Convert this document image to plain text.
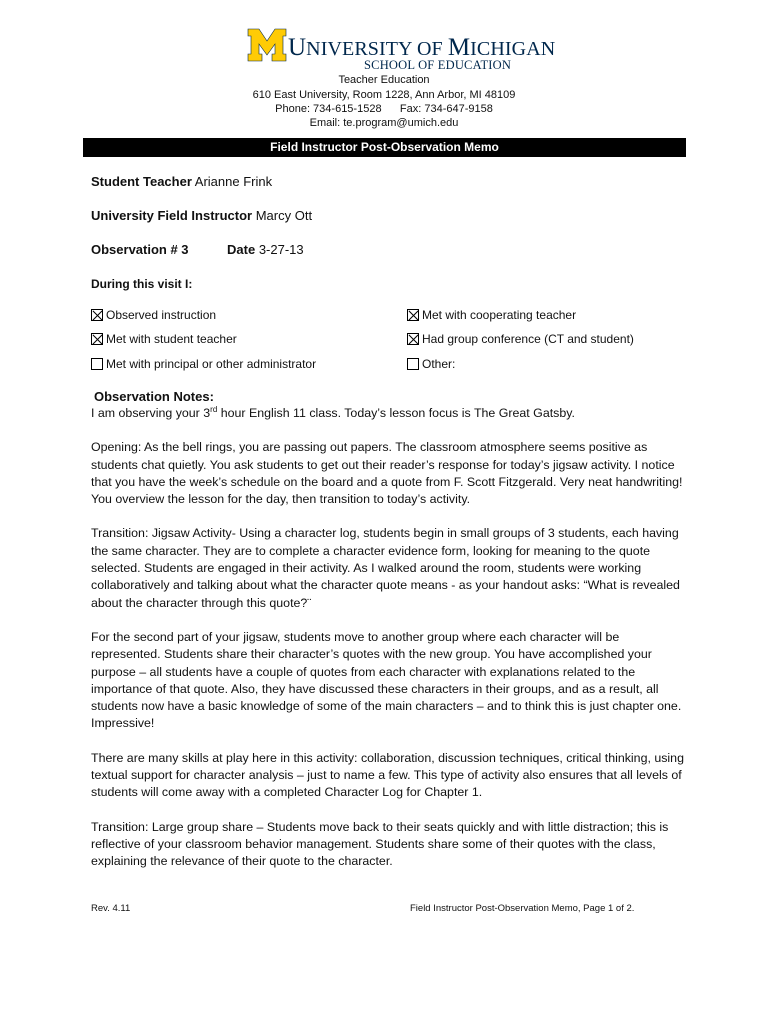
UNIVERSITY OF MICHIGAN
SCHOOL OF EDUCATION
Teacher Education
610 East University, Room 1228, Ann Arbor, MI 48109
Phone: 734-615-1528      Fax: 734-647-9158
Email: te.program@umich.edu
Field Instructor Post-Observation Memo
Student Teacher Arianne Frink
University Field Instructor Marcy Ott
Observation # 3	Date 3-27-13
During this visit I:
Observed instruction	Met with cooperating teacher
Met with student teacher	Had group conference (CT and student)
Met with principal or other administrator	Other:
Observation Notes:

I am observing your 3rd hour English 11 class. Today’s lesson focus is The Great Gatsby.

Opening: As the bell rings, you are passing out papers. The classroom atmosphere seems positive as students chat quietly. You ask students to get out their reader’s response for today’s jigsaw activity. I notice that you have the week’s schedule on the board and a quote from F. Scott Fitzgerald. Very neat handwriting! You overview the lesson for the day, then transition to today’s activity.

Transition: Jigsaw Activity- Using a character log, students begin in small groups of 3 students, each having the same character. They are to complete a character evidence form, looking for meaning to the quote selected. Students are engaged in their activity. As I walked around the room, students were working collaboratively and talking about what the character quote means - as your handout asks: “What is revealed about the character through this quote?¨

For the second part of your jigsaw, students move to another group where each character will be represented. Students share their character’s quotes with the new group. You have accomplished your purpose – all students have a couple of quotes from each character with explanations related to the importance of that quote. Also, they have discussed these characters in their groups, and as a result, all students now have a basic knowledge of some of the main characters – and to think this is just chapter one. Impressive!

There are many skills at play here in this activity: collaboration, discussion techniques, critical thinking, using textual support for character analysis – just to name a few. This type of activity also ensures that all levels of students will come away with a completed Character Log for Chapter 1.

Transition: Large group share – Students move back to their seats quickly and with little distraction; this is reflective of your classroom behavior management. Students share some of their quotes with the class, explaining the relevance of their quote to the character.

Rev. 4.11	Field Instructor Post-Observation Memo, Page 1 of 2.
